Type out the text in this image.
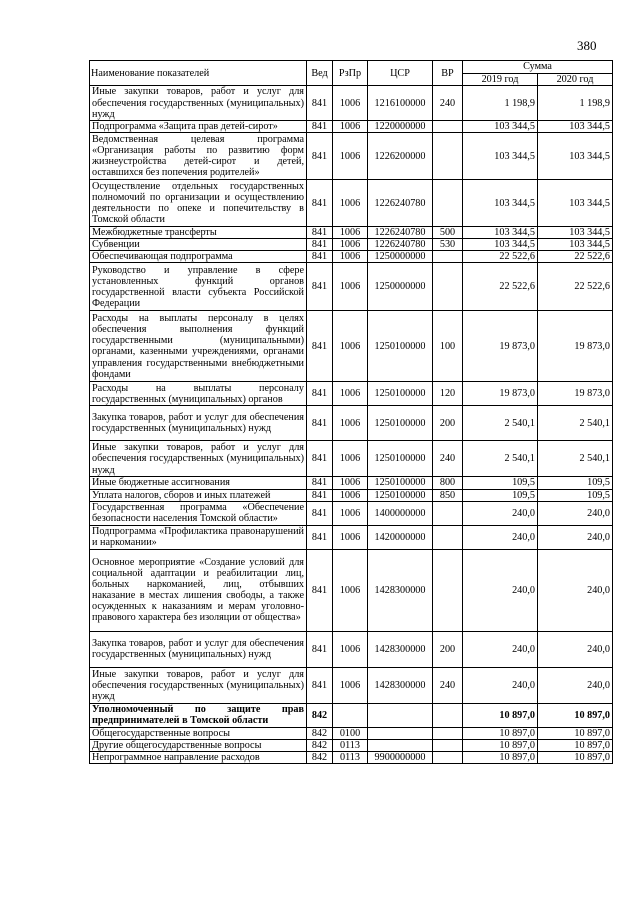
380
Наименование показателей	Вед	РзПр	ЦСР	ВР	Сумма	
					2019 год	2020 год
Иные закупки товаров, работ и услуг для обеспечения государственных (муниципальных) нужд	841	1006	1216100000	240	1 198,9	1 198,9
Подпрограмма «Защита прав детей-сирот»	841	1006	1220000000		103 344,5	103 344,5
Ведомственная целевая программа «Организация работы по развитию форм жизнеустройства детей-сирот и детей, оставшихся без попечения родителей»	841	1006	1226200000		103 344,5	103 344,5
Осуществление отдельных государственных полномочий по организации и осуществлению деятельности по опеке и попечительству в Томской области	841	1006	1226240780		103 344,5	103 344,5
Межбюджетные трансферты	841	1006	1226240780	500	103 344,5	103 344,5
Субвенции	841	1006	1226240780	530	103 344,5	103 344,5
Обеспечивающая подпрограмма	841	1006	1250000000		22 522,6	22 522,6
Руководство и управление в сфере установленных функций органов государственной власти субъекта Российской Федерации	841	1006	1250000000		22 522,6	22 522,6
Расходы на выплаты персоналу в целях обеспечения выполнения функций государственными (муниципальными) органами, казенными учреждениями, органами управления государственными внебюджетными фондами	841	1006	1250100000	100	19 873,0	19 873,0
Расходы на выплаты персоналу государственных (муниципальных) органов	841	1006	1250100000	120	19 873,0	19 873,0
Закупка товаров, работ и услуг для обеспечения государственных (муниципальных) нужд	841	1006	1250100000	200	2 540,1	2 540,1
Иные закупки товаров, работ и услуг для обеспечения государственных (муниципальных) нужд	841	1006	1250100000	240	2 540,1	2 540,1
Иные бюджетные ассигнования	841	1006	1250100000	800	109,5	109,5
Уплата налогов, сборов и иных платежей	841	1006	1250100000	850	109,5	109,5
Государственная программа «Обеспечение безопасности населения Томской области»	841	1006	1400000000		240,0	240,0
Подпрограмма «Профилактика правонарушений и наркомании»	841	1006	1420000000		240,0	240,0
Основное мероприятие «Создание условий для социальной адаптации и реабилитации лиц, больных наркоманией, лиц, отбывших наказание в местах лишения свободы, а также осужденных к наказаниям и мерам уголовно-правового характера без изоляции от общества»	841	1006	1428300000		240,0	240,0
Закупка товаров, работ и услуг для обеспечения государственных (муниципальных) нужд	841	1006	1428300000	200	240,0	240,0
Иные закупки товаров, работ и услуг для обеспечения государственных (муниципальных) нужд	841	1006	1428300000	240	240,0	240,0
Уполномоченный по защите прав предпринимателей в Томской области	842				10 897,0	10 897,0
Общегосударственные вопросы	842	0100			10 897,0	10 897,0
Другие общегосударственные вопросы	842	0113			10 897,0	10 897,0
Непрограммное направление расходов	842	0113	9900000000		10 897,0	10 897,0
